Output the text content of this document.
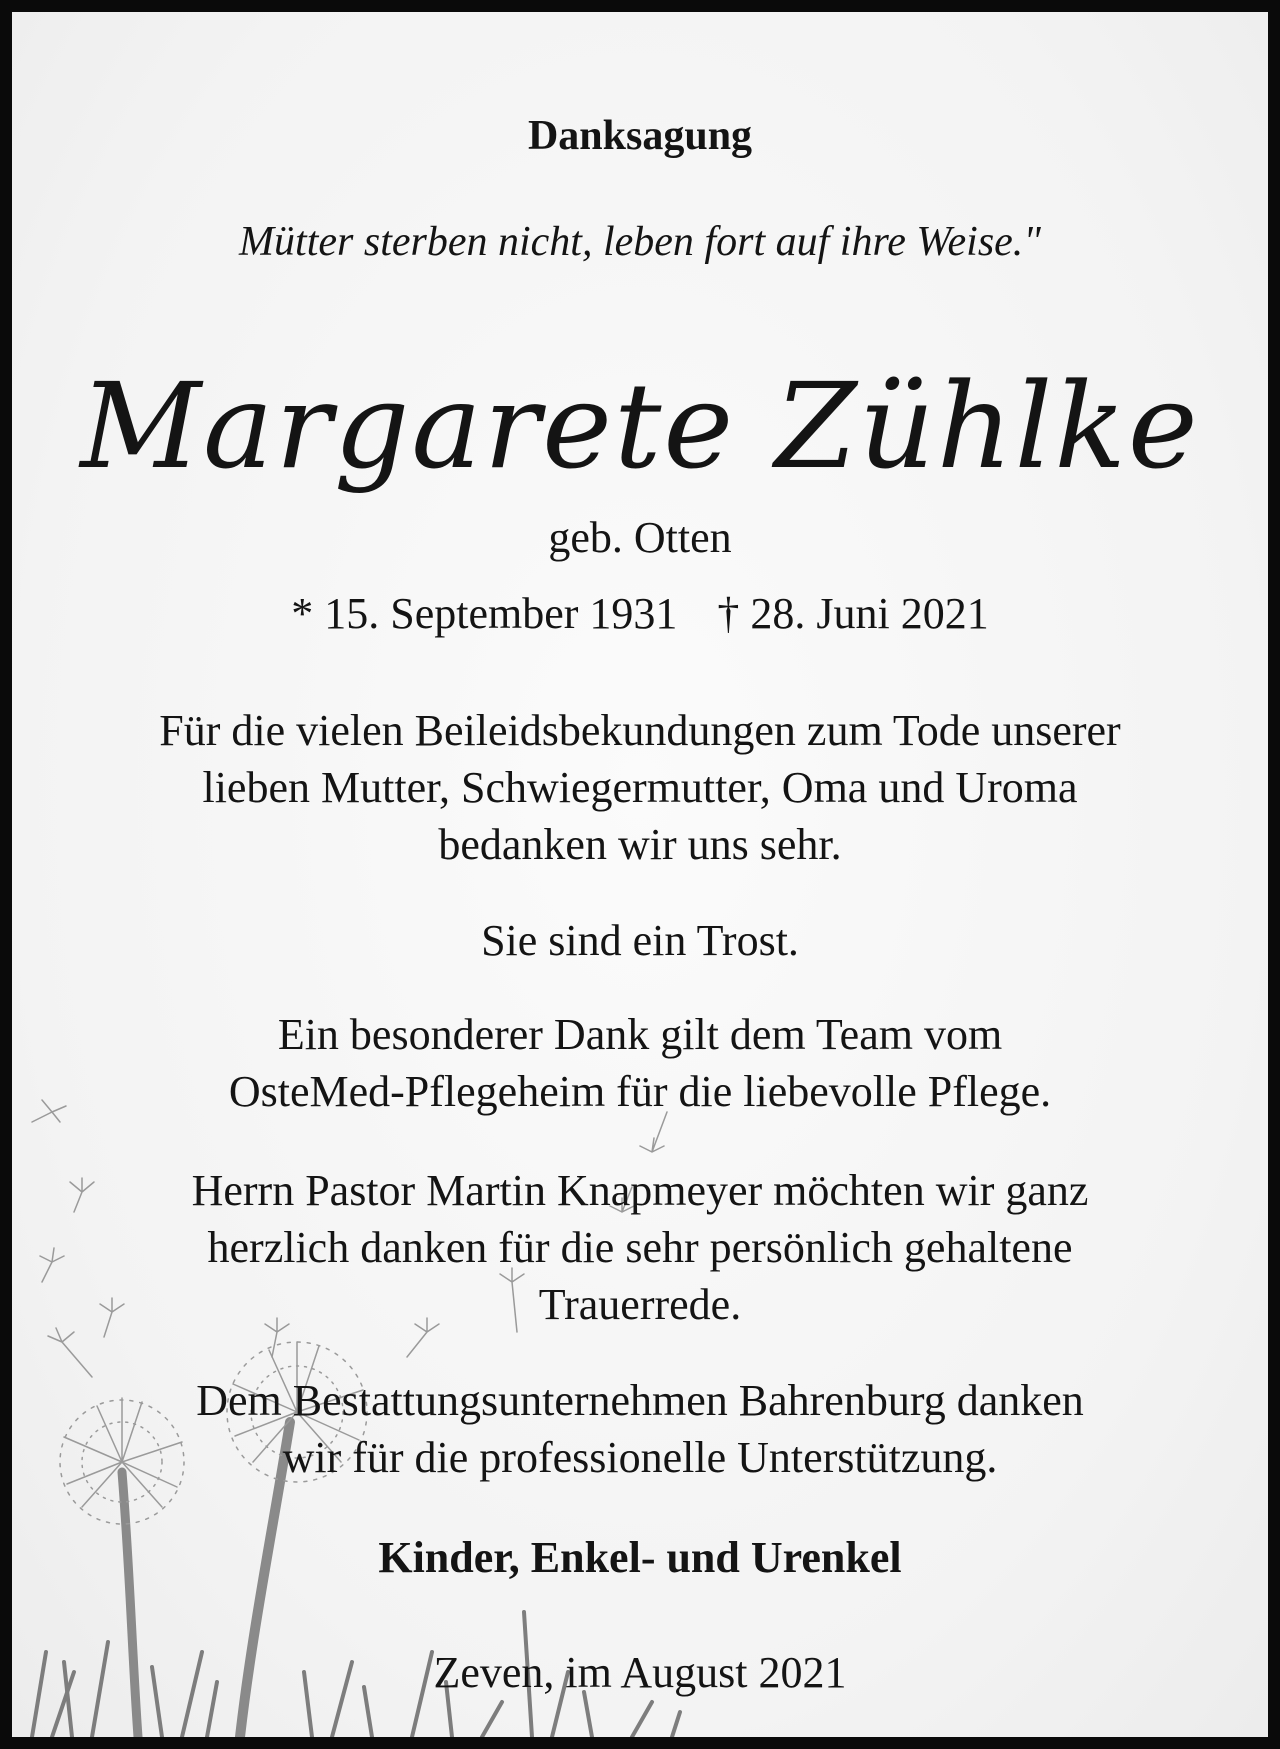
Danksagung
Mütter sterben nicht, leben fort auf ihre Weise."
Margarete Zühlke
geb. Otten
* 15. September 1931 † 28. Juni 2021
Für die vielen Beileidsbekundungen zum Tode unserer
lieben Mutter, Schwiegermutter, Oma und Uroma
bedanken wir uns sehr.
Sie sind ein Trost.
Ein besonderer Dank gilt dem Team vom
OsteMed-Pflegeheim für die liebevolle Pflege.
Herrn Pastor Martin Knapmeyer möchten wir ganz
herzlich danken für die sehr persönlich gehaltene
Trauerrede.
Dem Bestattungsunternehmen Bahrenburg danken
wir für die professionelle Unterstützung.
Kinder, Enkel- und Urenkel
Zeven, im August 2021
